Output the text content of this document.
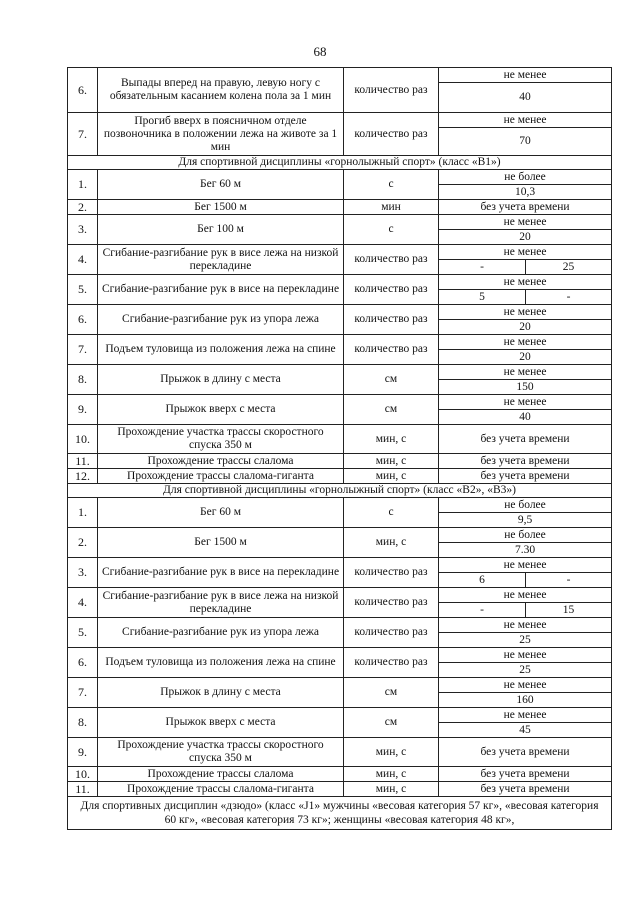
68
6.	Выпады вперед на правую, левую ногу с обязательным касанием колена пола за 1 мин	количество раз	не менее	
			40	
7.	Прогиб вверх в поясничном отделе позвоночника в положении лежа на животе за 1 мин	количество раз	не менее	
			70	
Для спортивной дисциплины «горнолыжный спорт» (класс «B1»)				
1.	Бег 60 м	с	не более	
			10,3	
2.	Бег 1500 м	мин	без учета времени	
3.	Бег 100 м	с	не менее	
			20	
4.	Сгибание-разгибание рук в висе лежа на низкой перекладине	количество раз	не менее	
			-	25
5.	Сгибание-разгибание рук в висе на перекладине	количество раз	не менее	
			5	-
6.	Сгибание-разгибание рук из упора лежа	количество раз	не менее	
			20	
7.	Подъем туловища из положения лежа на спине	количество раз	не менее	
			20	
8.	Прыжок в длину с места	см	не менее	
			150	
9.	Прыжок вверх с места	см	не менее	
			40	
10.	Прохождение участка трассы скоростного спуска 350 м	мин, с	без учета времени	
11.	Прохождение трассы слалома	мин, с	без учета времени	
12.	Прохождение трассы слалома-гиганта	мин, с	без учета времени	
Для спортивной дисциплины «горнолыжный спорт» (класс «B2», «B3»)				
1.	Бег 60 м	с	не более	
			9,5	
2.	Бег 1500 м	мин, с	не более	
			7.30	
3.	Сгибание-разгибание рук в висе на перекладине	количество раз	не менее	
			6	-
4.	Сгибание-разгибание рук в висе лежа на низкой перекладине	количество раз	не менее	
			-	15
5.	Сгибание-разгибание рук из упора лежа	количество раз	не менее	
			25	
6.	Подъем туловища из положения лежа на спине	количество раз	не менее	
			25	
7.	Прыжок в длину с места	см	не менее	
			160	
8.	Прыжок вверх с места	см	не менее	
			45	
9.	Прохождение участка трассы скоростного спуска 350 м	мин, с	без учета времени	
10.	Прохождение трассы слалома	мин, с	без учета времени	
11.	Прохождение трассы слалома-гиганта	мин, с	без учета времени	
Для спортивных дисциплин «дзюдо» (класс «J1» мужчины «весовая категория 57 кг», «весовая категория 60 кг», «весовая категория 73 кг»; женщины «весовая категория 48 кг»,				
